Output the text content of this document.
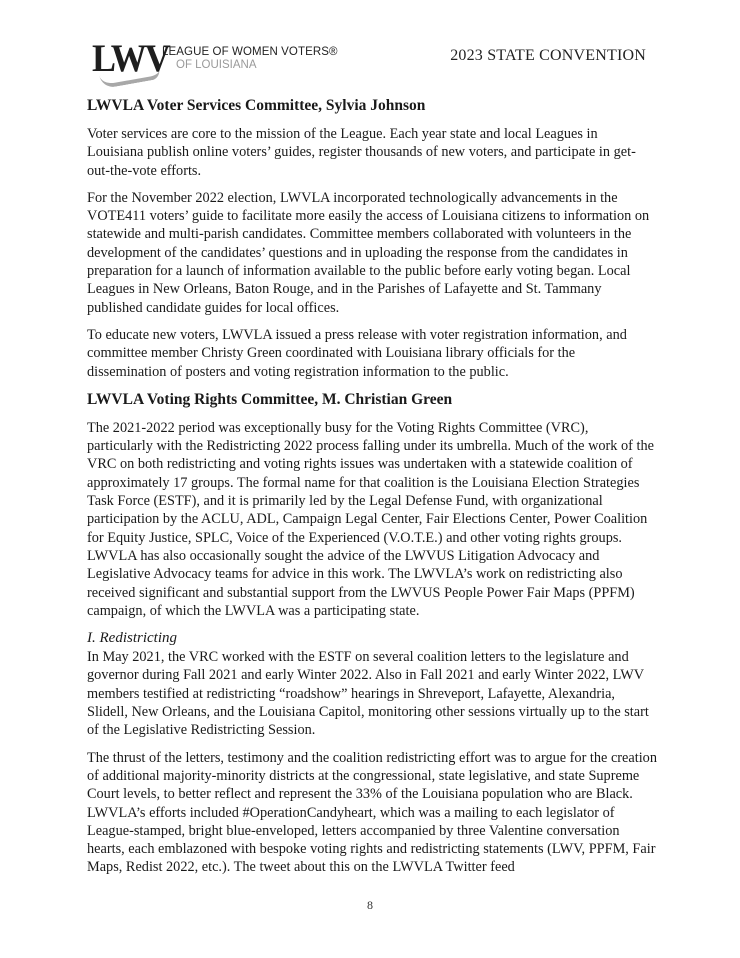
LWV
LEAGUE OF WOMEN VOTERS®
OF LOUISIANA
2023 STATE CONVENTION
LWVLA Voter Services Committee, Sylvia Johnson

Voter services are core to the mission of the League. Each year state and local Leagues in Louisiana publish online voters’ guides, register thousands of new voters, and participate in get-out-the-vote efforts.

For the November 2022 election, LWVLA incorporated technologically advancements in the VOTE411 voters’ guide to facilitate more easily the access of Louisiana citizens to information on statewide and multi-parish candidates. Committee members collaborated with volunteers in the development of the candidates’ questions and in uploading the response from the candidates in preparation for a launch of information available to the public before early voting began. Local Leagues in New Orleans, Baton Rouge, and in the Parishes of Lafayette and St. Tammany published candidate guides for local offices.

To educate new voters, LWVLA issued a press release with voter registration information, and committee member Christy Green coordinated with Louisiana library officials for the dissemination of posters and voting registration information to the public.

LWVLA Voting Rights Committee, M. Christian Green

The 2021-2022 period was exceptionally busy for the Voting Rights Committee (VRC), particularly with the Redistricting 2022 process falling under its umbrella. Much of the work of the VRC on both redistricting and voting rights issues was undertaken with a statewide coalition of approximately 17 groups. The formal name for that coalition is the Louisiana Election Strategies Task Force (ESTF), and it is primarily led by the Legal Defense Fund, with organizational participation by the ACLU, ADL, Campaign Legal Center, Fair Elections Center, Power Coalition for Equity Justice, SPLC, Voice of the Experienced (V.O.T.E.) and other voting rights groups. LWVLA has also occasionally sought the advice of the LWVUS Litigation Advocacy and Legislative Advocacy teams for advice in this work. The LWVLA’s work on redistricting also received significant and substantial support from the LWVUS People Power Fair Maps (PPFM) campaign, of which the LWVLA was a participating state.

I. Redistricting

In May 2021, the VRC worked with the ESTF on several coalition letters to the legislature and governor during Fall 2021 and early Winter 2022. Also in Fall 2021 and early Winter 2022, LWV members testified at redistricting “roadshow” hearings in Shreveport, Lafayette, Alexandria, Slidell, New Orleans, and the Louisiana Capitol, monitoring other sessions virtually up to the start of the Legislative Redistricting Session.

The thrust of the letters, testimony and the coalition redistricting effort was to argue for the creation of additional majority-minority districts at the congressional, state legislative, and state Supreme Court levels, to better reflect and represent the 33% of the Louisiana population who are Black. LWVLA’s efforts included #OperationCandyheart, which was a mailing to each legislator of League-stamped, bright blue-enveloped, letters accompanied by three Valentine conversation hearts, each emblazoned with bespoke voting rights and redistricting statements (LWV, PPFM, Fair Maps, Redist 2022, etc.). The tweet about this on the LWVLA Twitter feed

8
